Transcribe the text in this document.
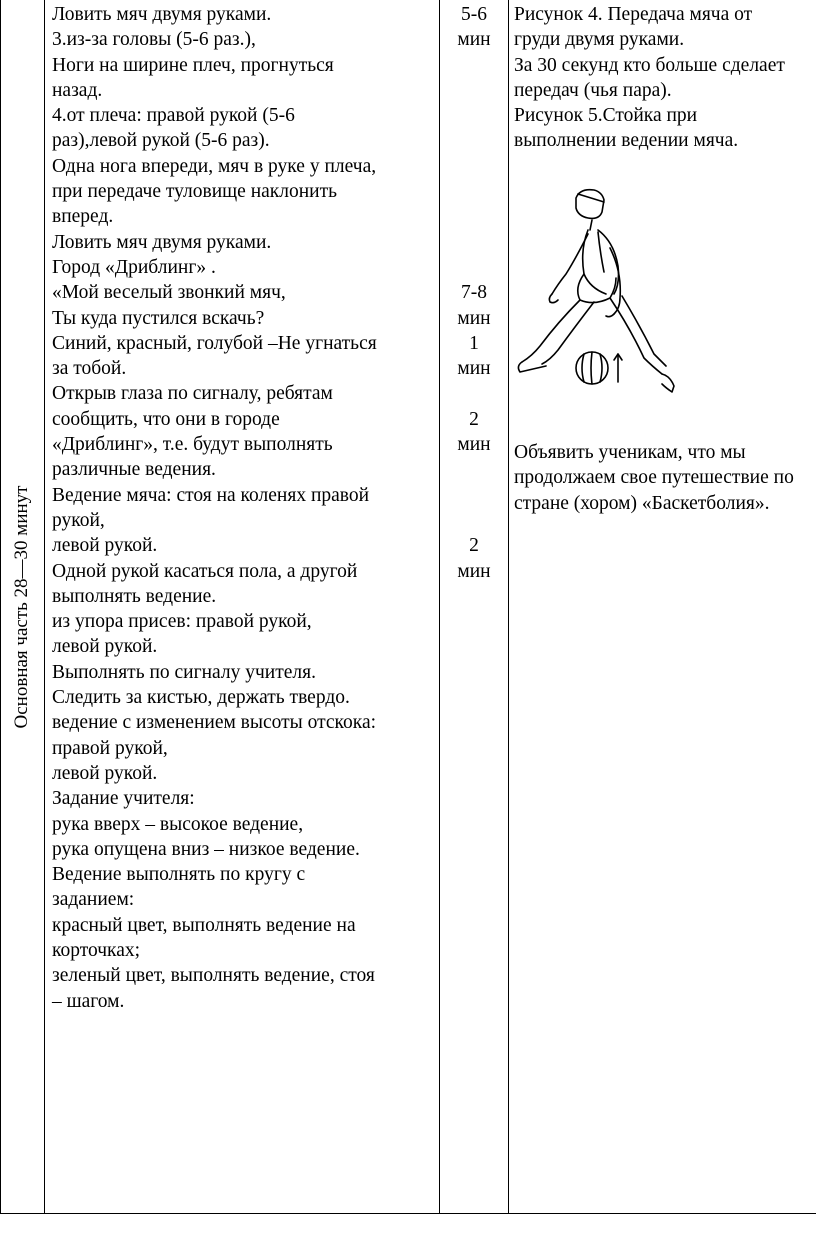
Основная часть 28—30 минут
Ловить мяч двумя руками.
3.из-за головы (5-6 раз.),
Ноги на ширине плеч, прогнуться
назад.
4.от плеча: правой рукой (5-6
раз),левой рукой (5-6 раз).
Одна нога впереди, мяч в руке у плеча,
при передаче туловище наклонить
вперед.
Ловить мяч двумя руками.
Город «Дриблинг» .
«Мой веселый звонкий мяч,
Ты куда пустился вскачь?
Синий, красный, голубой –Не угнаться
за тобой.
Открыв глаза по сигналу, ребятам
сообщить, что они в городе
«Дриблинг», т.е. будут выполнять
различные ведения.
Ведение мяча: стоя на коленях правой
рукой,
левой рукой.
Одной рукой касаться пола, а другой
выполнять ведение.
из упора присев: правой рукой,
левой рукой.
Выполнять по сигналу учителя.
Следить за кистью, держать твердо.
ведение с изменением высоты отскока:
правой рукой,
левой рукой.
Задание учителя:
рука вверх – высокое ведение,
рука опущена вниз – низкое ведение.
Ведение выполнять по кругу с
заданием:
красный цвет, выполнять ведение на
корточках;
зеленый цвет, выполнять ведение, стоя
– шагом.
5-6
мин

7-8
мин
1
мин

2
мин

2
мин
Рисунок 4. Передача мяча от
груди двумя руками.
За 30 секунд кто больше сделает
передач (чья пара).
Рисунок 5.Стойка при
выполнении ведении мяча.
Объявить ученикам, что мы
продолжаем свое путешествие по
стране (хором) «Баскетболия».
